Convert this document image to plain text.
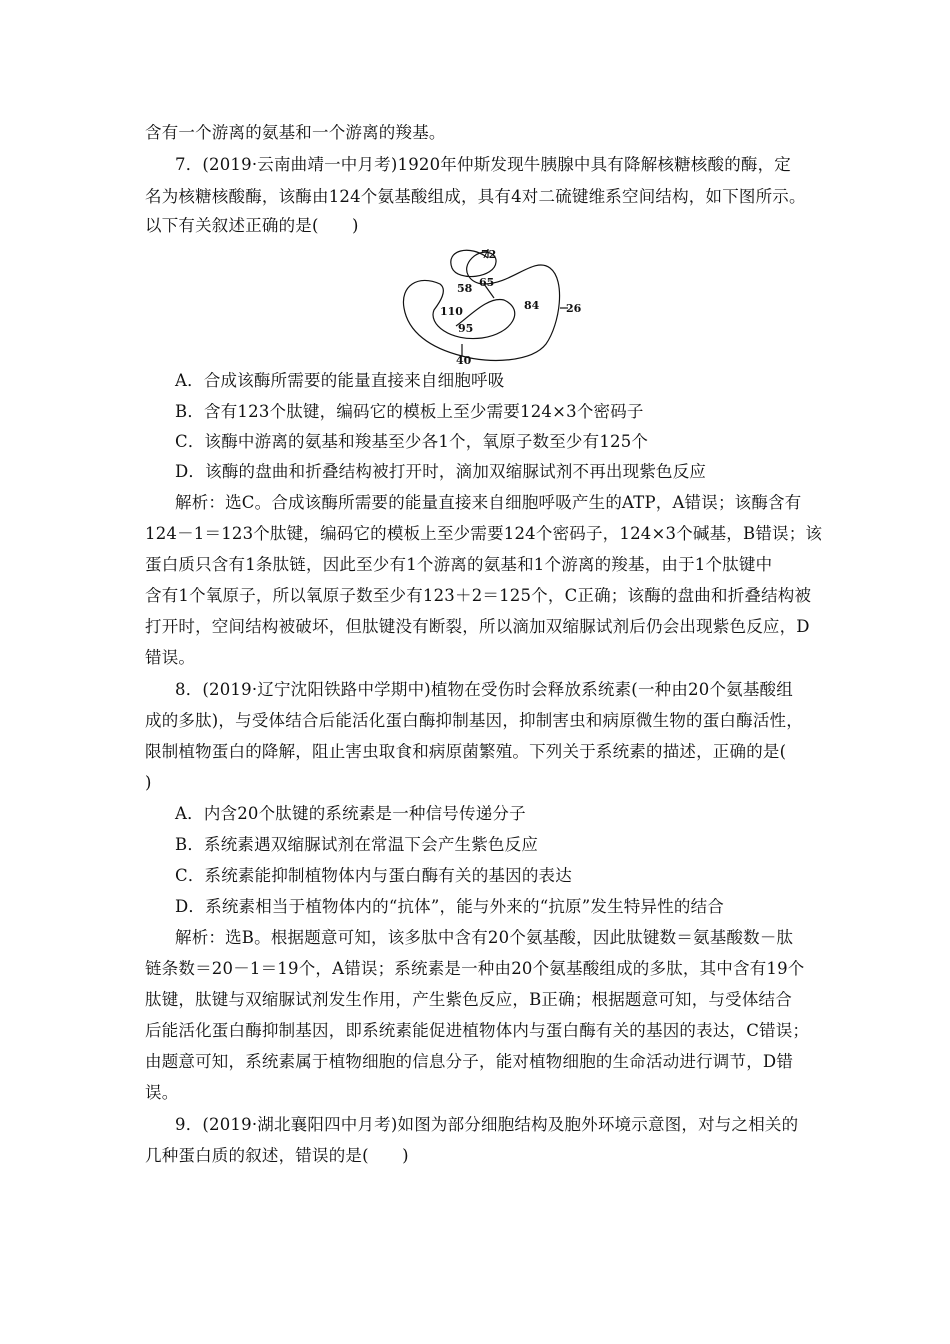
含有一个游离的氨基和一个游离的羧基。
7．(2019·云南曲靖一中月考)1920年仲斯发现牛胰腺中具有降解核糖核酸的酶，定
名为核糖核酸酶，该酶由124个氨基酸组成，具有4对二硫键维系空间结构，如下图所示。
以下有关叙述正确的是(　　)
72
65
58
84 26
110
95
40
A．合成该酶所需要的能量直接来自细胞呼吸
B．含有123个肽键，编码它的模板上至少需要124×3个密码子
C．该酶中游离的氨基和羧基至少各1个，氧原子数至少有125个
D．该酶的盘曲和折叠结构被打开时，滴加双缩脲试剂不再出现紫色反应
解析：选C。合成该酶所需要的能量直接来自细胞呼吸产生的ATP，A错误；该酶含有
124－1＝123个肽键，编码它的模板上至少需要124个密码子，124×3个碱基，B错误；该
蛋白质只含有1条肽链，因此至少有1个游离的氨基和1个游离的羧基，由于1个肽键中
含有1个氧原子，所以氧原子数至少有123＋2＝125个，C正确；该酶的盘曲和折叠结构被
打开时，空间结构被破坏，但肽键没有断裂，所以滴加双缩脲试剂后仍会出现紫色反应，D
错误。
8．(2019·辽宁沈阳铁路中学期中)植物在受伤时会释放系统素(一种由20个氨基酸组
成的多肽)，与受体结合后能活化蛋白酶抑制基因，抑制害虫和病原微生物的蛋白酶活性，
限制植物蛋白的降解，阻止害虫取食和病原菌繁殖。下列关于系统素的描述，正确的是(
)
A．内含20个肽键的系统素是一种信号传递分子
B．系统素遇双缩脲试剂在常温下会产生紫色反应
C．系统素能抑制植物体内与蛋白酶有关的基因的表达
D．系统素相当于植物体内的“抗体”，能与外来的“抗原”发生特异性的结合
解析：选B。根据题意可知，该多肽中含有20个氨基酸，因此肽键数＝氨基酸数－肽
链条数＝20－1＝19个，A错误；系统素是一种由20个氨基酸组成的多肽，其中含有19个
肽键，肽键与双缩脲试剂发生作用，产生紫色反应，B正确；根据题意可知，与受体结合
后能活化蛋白酶抑制基因，即系统素能促进植物体内与蛋白酶有关的基因的表达，C错误；
由题意可知，系统素属于植物细胞的信息分子，能对植物细胞的生命活动进行调节，D错
误。
9．(2019·湖北襄阳四中月考)如图为部分细胞结构及胞外环境示意图，对与之相关的
几种蛋白质的叙述，错误的是(　　)
